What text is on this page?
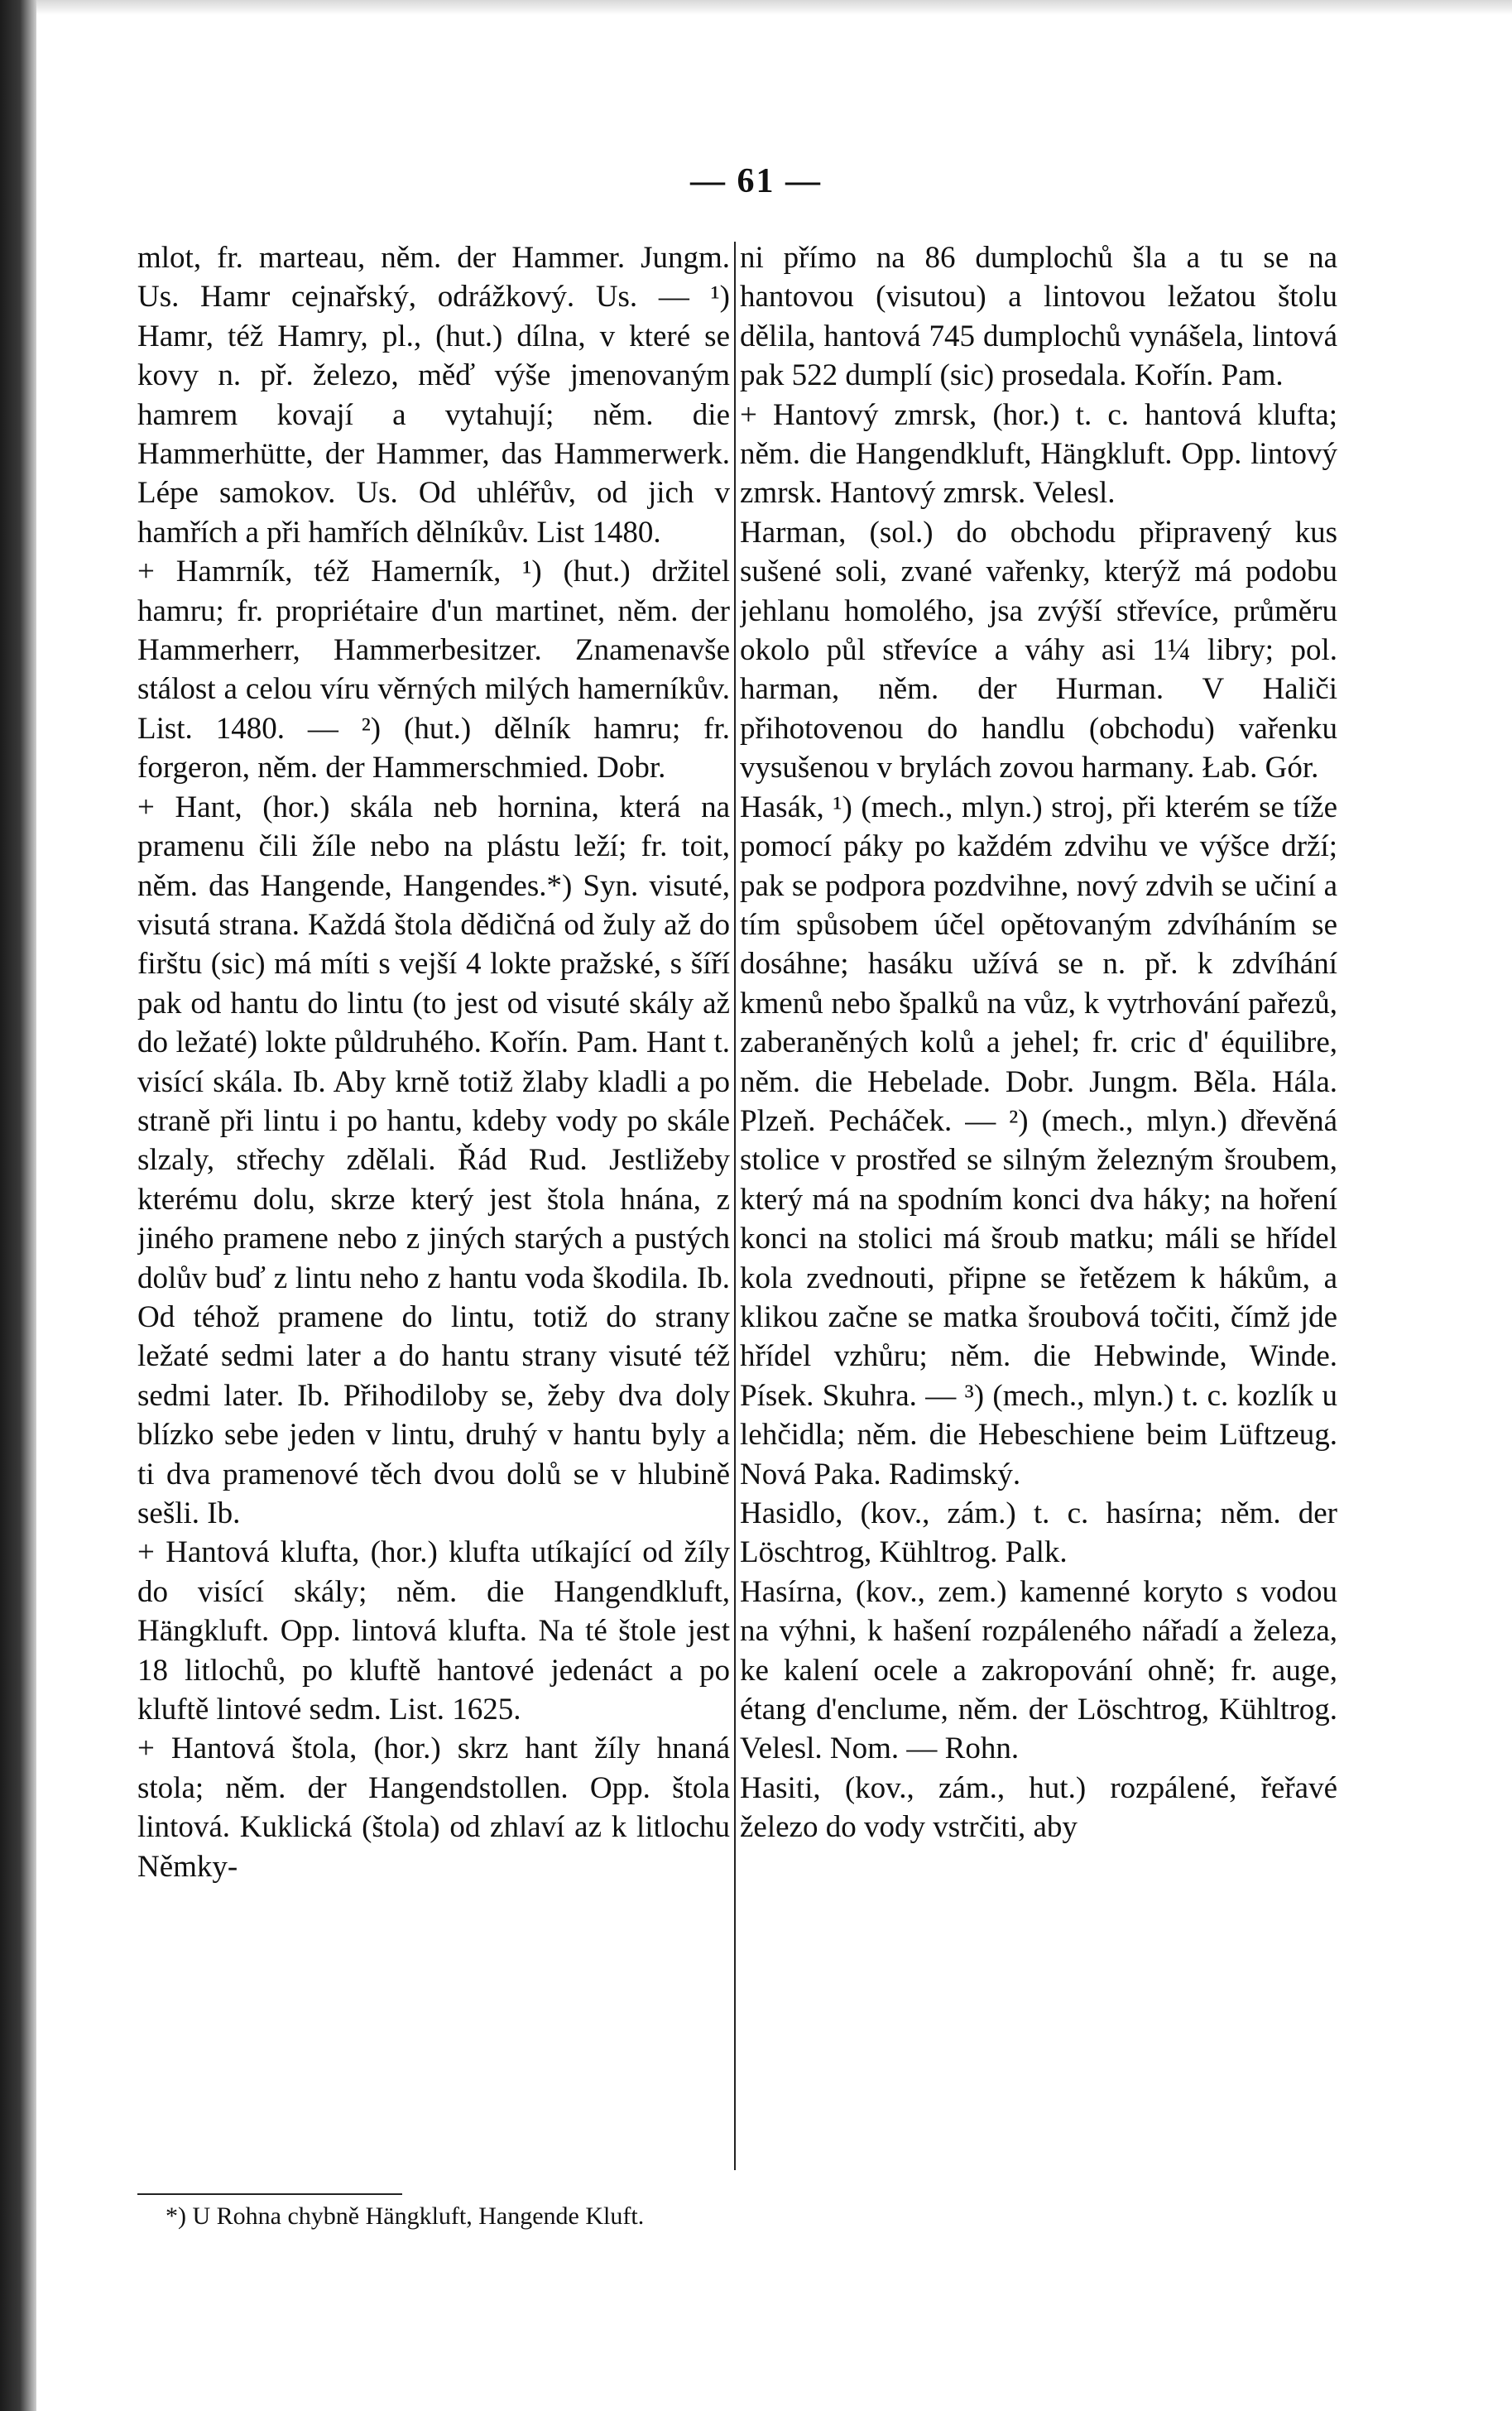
— 61 —

mlot, fr. marteau, něm. der Hammer. Jungm. Us. Hamr cejnařský, odrážkový. Us. — ¹) Hamr, též Hamry, pl., (hut.) dílna, v které se kovy n. př. železo, měď výše jmenovaným hamrem kovají a vytahují; něm. die Hammerhütte, der Hammer, das Hammerwerk. Lépe samokov. Us. Od uhléřův, od jich v hamřích a při hamřích dělníkův. List 1480.

+ Hamrník, též Hamerník, ¹) (hut.) držitel hamru; fr. propriétaire d'un martinet, něm. der Hammerherr, Hammerbesitzer. Znamenavše stálost a celou víru věrných milých hamerníkův. List. 1480. — ²) (hut.) dělník hamru; fr. forgeron, něm. der Hammerschmied. Dobr.

+ Hant, (hor.) skála neb hornina, která na pramenu čili žíle nebo na plástu leží; fr. toit, něm. das Hangende, Hangendes.*) Syn. visuté, visutá strana. Každá štola dědičná od žuly až do firštu (sic) má míti s vejší 4 lokte pražské, s šíří pak od hantu do lintu (to jest od visuté skály až do ležaté) lokte půldruhého. Kořín. Pam. Hant t. visící skála. Ib. Aby krně totiž žlaby kladli a po straně při lintu i po hantu, kdeby vody po skále slzaly, střechy zdělali. Řád Rud. Jestližeby kterému dolu, skrze který jest štola hnána, z jiného pramene nebo z jiných starých a pustých dolův buď z lintu neho z hantu voda škodila. Ib. Od téhož pramene do lintu, totiž do strany ležaté sedmi later a do hantu strany visuté též sedmi later. Ib. Přihodiloby se, žeby dva doly blízko sebe jeden v lintu, druhý v hantu byly a ti dva pramenové těch dvou dolů se v hlubině sešli. Ib.

+ Hantová klufta, (hor.) klufta utíkající od žíly do visící skály; něm. die Hangendkluft, Hängkluft. Opp. lintová klufta. Na té štole jest 18 litlochů, po kluftě hantové jedenáct a po kluftě lintové sedm. List. 1625.

+ Hantová štola, (hor.) skrz hant žíly hnaná stola; něm. der Hangendstollen. Opp. štola lintová. Kuklická (štola) od zhlaví az k litlochu Němky-

ni přímo na 86 dumplochů šla a tu se na hantovou (visutou) a lintovou ležatou štolu dělila, hantová 745 dumplochů vynášela, lintová pak 522 dumplí (sic) prosedala. Kořín. Pam.

+ Hantový zmrsk, (hor.) t. c. hantová klufta; něm. die Hangendkluft, Hängkluft. Opp. lintový zmrsk. Hantový zmrsk. Velesl.

Harman, (sol.) do obchodu připravený kus sušené soli, zvané vařenky, kterýž má podobu jehlanu homolého, jsa zvýší střevíce, průměru okolo půl střevíce a váhy asi 1¼ libry; pol. harman, něm. der Hurman. V Haliči přihotovenou do handlu (obchodu) vařenku vysušenou v brylách zovou harmany. Łab. Gór.

Hasák, ¹) (mech., mlyn.) stroj, při kterém se tíže pomocí páky po každém zdvihu ve výšce drží; pak se podpora pozdvihne, nový zdvih se učiní a tím spůsobem účel opětovaným zdvíháním se dosáhne; hasáku užívá se n. př. k zdvíhání kmenů nebo špalků na vůz, k vytrhování pařezů, zaberaněných kolů a jehel; fr. cric d' équilibre, něm. die Hebelade. Dobr. Jungm. Běla. Hála. Plzeň. Pecháček. — ²) (mech., mlyn.) dřevěná stolice v prostřed se silným železným šroubem, který má na spodním konci dva háky; na hoření konci na stolici má šroub matku; máli se hřídel kola zvednouti, připne se řetězem k hákům, a klikou začne se matka šroubová točiti, čímž jde hřídel vzhůru; něm. die Hebwinde, Winde. Písek. Skuhra. — ³) (mech., mlyn.) t. c. kozlík u lehčidla; něm. die Hebeschiene beim Lüftzeug. Nová Paka. Radimský.

Hasidlo, (kov., zám.) t. c. hasírna; něm. der Löschtrog, Kühltrog. Palk.

Hasírna, (kov., zem.) kamenné koryto s vodou na výhni, k hašení rozpáleného nářadí a železa, ke kalení ocele a zakropování ohně; fr. auge, étang d'enclume, něm. der Löschtrog, Kühltrog. Velesl. Nom. — Rohn.

Hasiti, (kov., zám., hut.) rozpálené, řeřavé železo do vody vstrčiti, aby

*) U Rohna chybně Hängkluft, Hangende Kluft.
